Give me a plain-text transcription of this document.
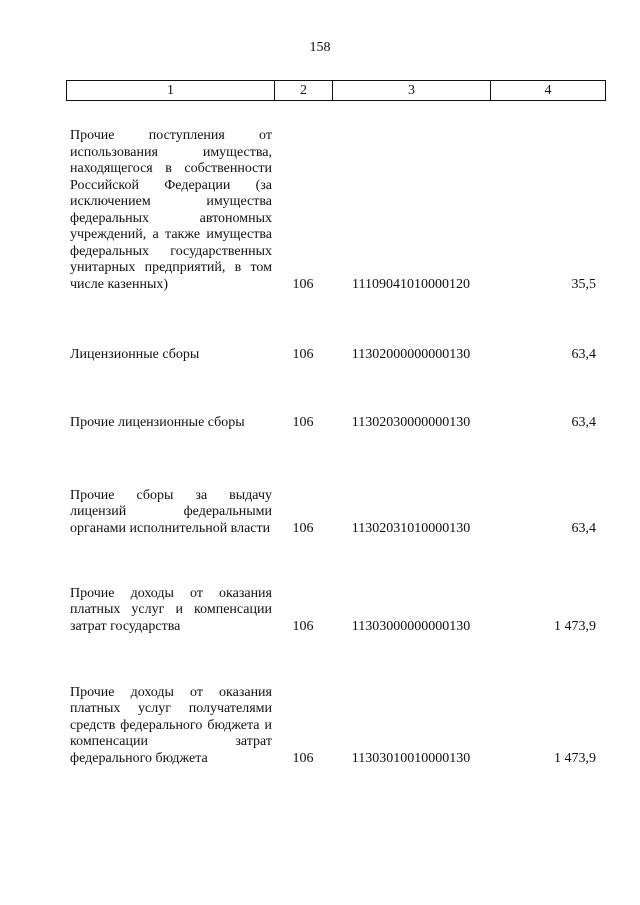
158
1	2	3	4
Прочие поступления от использования имущества, находящегося в собственности Российской Федерации (за исключением имущества федеральных автономных учреждений, а также имущества федеральных государственных унитарных предприятий, в том числе казенных)	106	11109041010000120	35,5
Лицензионные сборы	106	11302000000000130	63,4
Прочие лицензионные сборы	106	11302030000000130	63,4
Прочие сборы за выдачу лицензий федеральными органами исполнительной власти	106	11302031010000130	63,4
Прочие доходы от оказания платных услуг и компенсации затрат государства	106	11303000000000130	1 473,9
Прочие доходы от оказания платных услуг получателями средств федерального бюджета и компенсации затрат федерального бюджета	106	11303010010000130	1 473,9
